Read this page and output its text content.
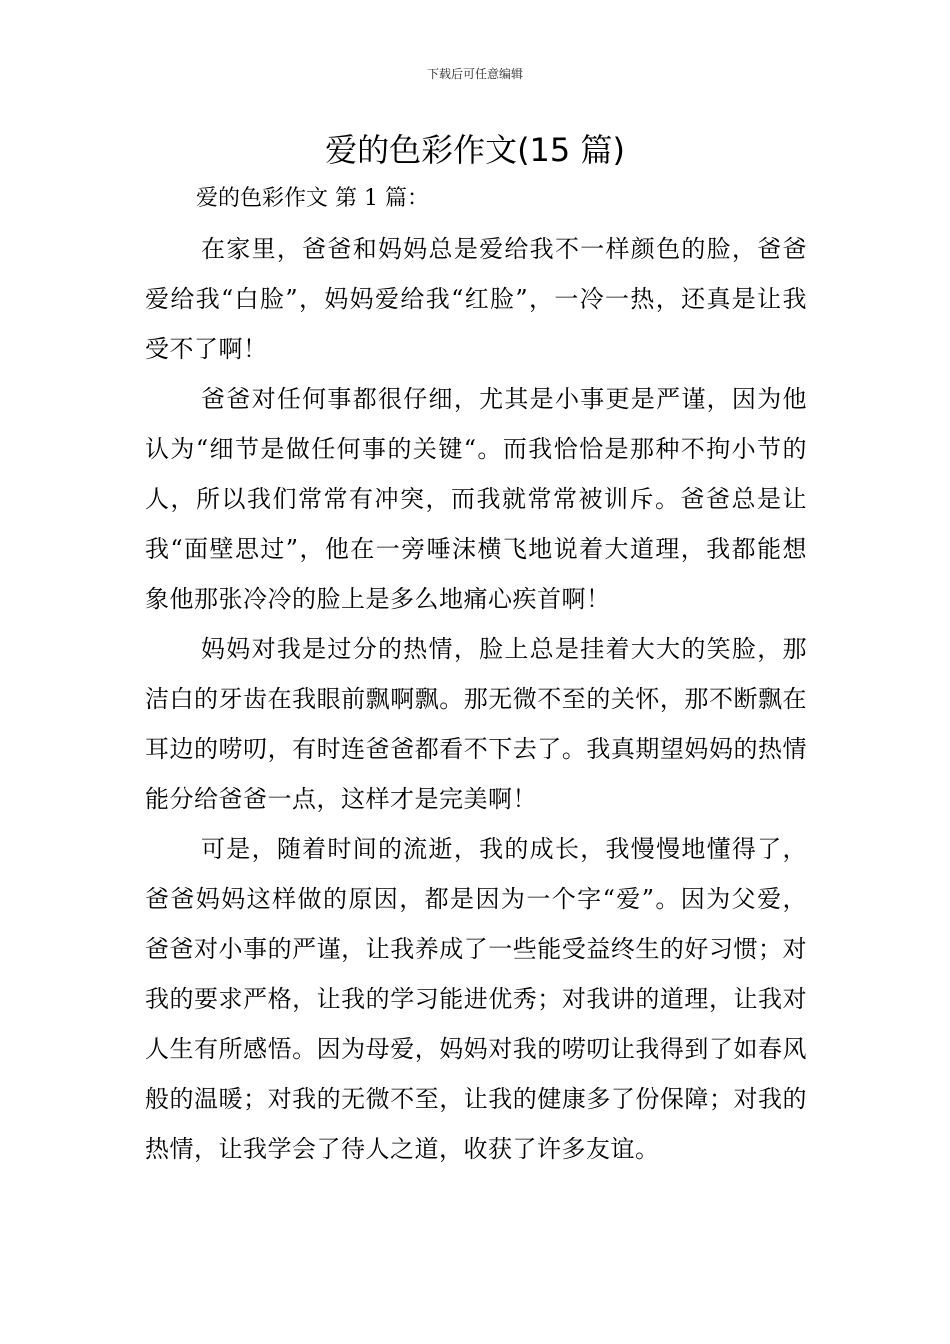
下载后可任意编辑
爱的色彩作文(15 篇)
爱的色彩作文 第 1 篇：

在家里，爸爸和妈妈总是爱给我不一样颜色的脸，爸爸爱给我“白脸”，妈妈爱给我“红脸”，一冷一热，还真是让我受不了啊！

爸爸对任何事都很仔细，尤其是小事更是严谨，因为他认为“细节是做任何事的关键“。而我恰恰是那种不拘小节的人，所以我们常常有冲突，而我就常常被训斥。爸爸总是让我“面壁思过”，他在一旁唾沫横飞地说着大道理，我都能想象他那张冷冷的脸上是多么地痛心疾首啊！

妈妈对我是过分的热情，脸上总是挂着大大的笑脸，那洁白的牙齿在我眼前飘啊飘。那无微不至的关怀，那不断飘在耳边的唠叨，有时连爸爸都看不下去了。我真期望妈妈的热情能分给爸爸一点，这样才是完美啊！

可是，随着时间的流逝，我的成长，我慢慢地懂得了，爸爸妈妈这样做的原因，都是因为一个字“爱”。因为父爱，爸爸对小事的严谨，让我养成了一些能受益终生的好习惯；对我的要求严格，让我的学习能进优秀；对我讲的道理，让我对人生有所感悟。因为母爱，妈妈对我的唠叨让我得到了如春风般的温暖；对我的无微不至，让我的健康多了份保障；对我的热情，让我学会了待人之道，收获了许多友谊。
